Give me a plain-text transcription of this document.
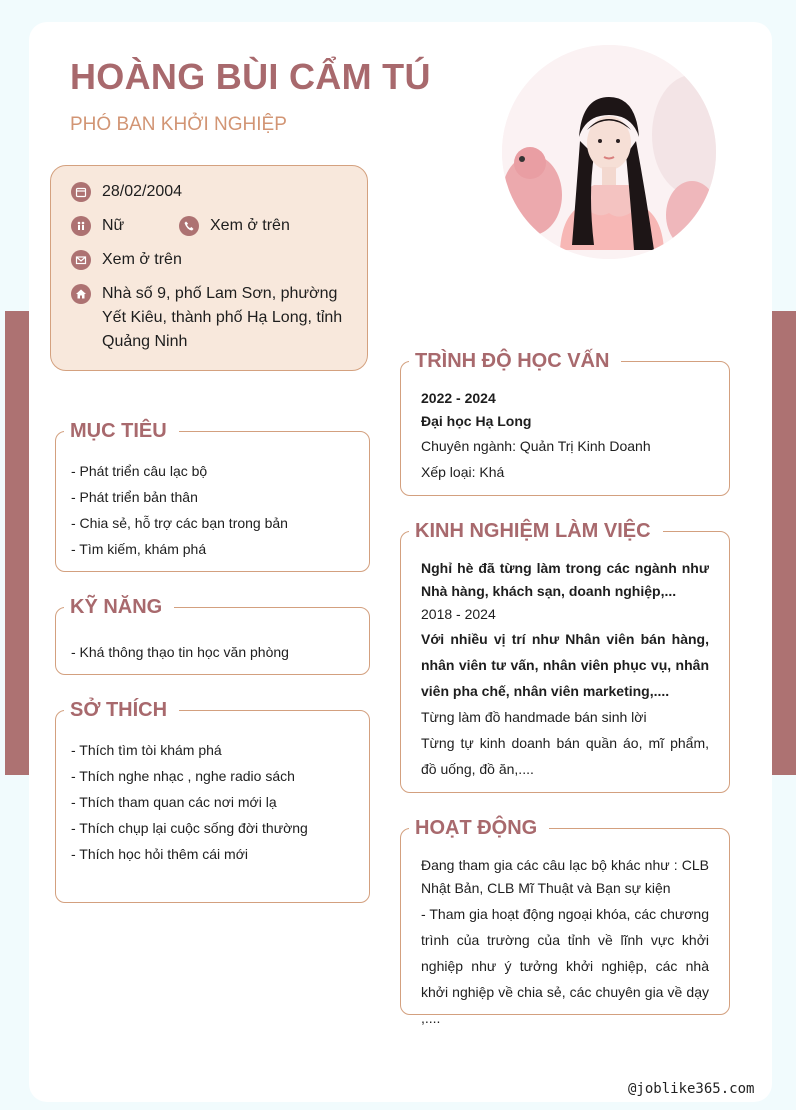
HOÀNG BÙI CẨM TÚ
PHÓ BAN KHỞI NGHIỆP
28/02/2004
Nữ	Xem ở trên
Xem ở trên
Nhà số 9, phố Lam Sơn, phường
Yết Kiêu, thành phố Hạ Long, tỉnh
Quảng Ninh
MỤC TIÊU
- Phát triển câu lạc bộ
- Phát triển bản thân
- Chia sẻ, hỗ trợ các bạn trong bản
- Tìm kiếm, khám phá
KỸ NĂNG
- Khá thông thạo tin học văn phòng
SỞ THÍCH
- Thích tìm tòi khám phá
- Thích nghe nhạc , nghe radio sách
- Thích tham quan các nơi mới lạ
- Thích chụp lại cuộc sống đời thường
- Thích học hỏi thêm cái mới
TRÌNH ĐỘ HỌC VẤN
2022 - 2024
Đại học Hạ Long
Chuyên ngành: Quản Trị Kinh Doanh
Xếp loại: Khá
KINH NGHIỆM LÀM VIỆC
Nghỉ hè đã từng làm trong các ngành như Nhà hàng, khách sạn, doanh nghiệp,...
2018 - 2024
Với nhiều vị trí như Nhân viên bán hàng, nhân viên tư vấn, nhân viên phục vụ, nhân viên pha chế, nhân viên marketing,....
Từng làm đồ handmade bán sinh lời
Từng tự kinh doanh bán quần áo, mĩ phẩm, đồ uống, đồ ăn,....
HOẠT ĐỘNG
Đang tham gia các câu lạc bộ khác như : CLB Nhật Bản, CLB Mĩ Thuật và Bạn sự kiện
- Tham gia hoạt động ngoại khóa, các chương trình của trường của tỉnh về lĩnh vực khởi nghiệp như ý tưởng khởi nghiệp, các nhà khởi nghiệp về chia sẻ, các chuyên gia về dạy ,....
@joblike365.com
